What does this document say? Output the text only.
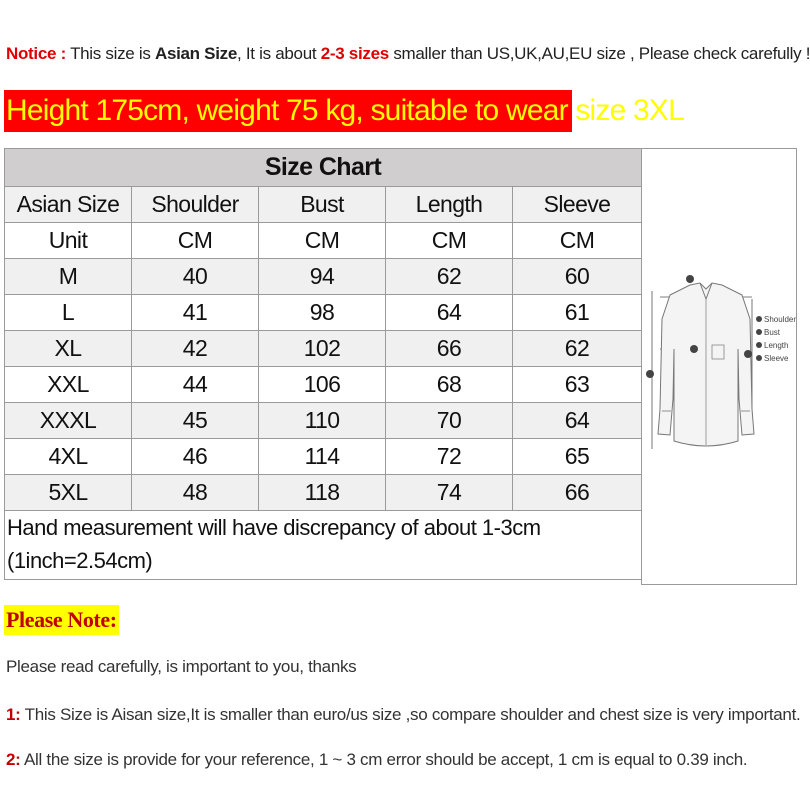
Notice : This size is Asian Size, It is about 2-3 sizes smaller than US,UK,AU,EU size , Please check carefully !
Height 175cm, weight 75 kg, suitable to wear size 3XL
Size Chart				
Asian Size	Shoulder	Bust	Length	Sleeve
Unit	CM	CM	CM	CM
M	40	94	62	60
L	41	98	64	61
XL	42	102	66	62
XXL	44	106	68	63
XXXL	45	110	70	64
4XL	46	114	72	65
5XL	48	118	74	66
Hand measurement will have discrepancy of about 1-3cm
(1inch=2.54cm)				
Shoulder
Bust
Length
Sleeve
Please Note:
Please read carefully, is important to you, thanks
1: This Size is Aisan size,It is smaller than euro/us size ,so compare shoulder and chest size is very important.
2: All the size is provide for your reference, 1 ~ 3 cm error should be accept, 1 cm is equal to 0.39 inch.
